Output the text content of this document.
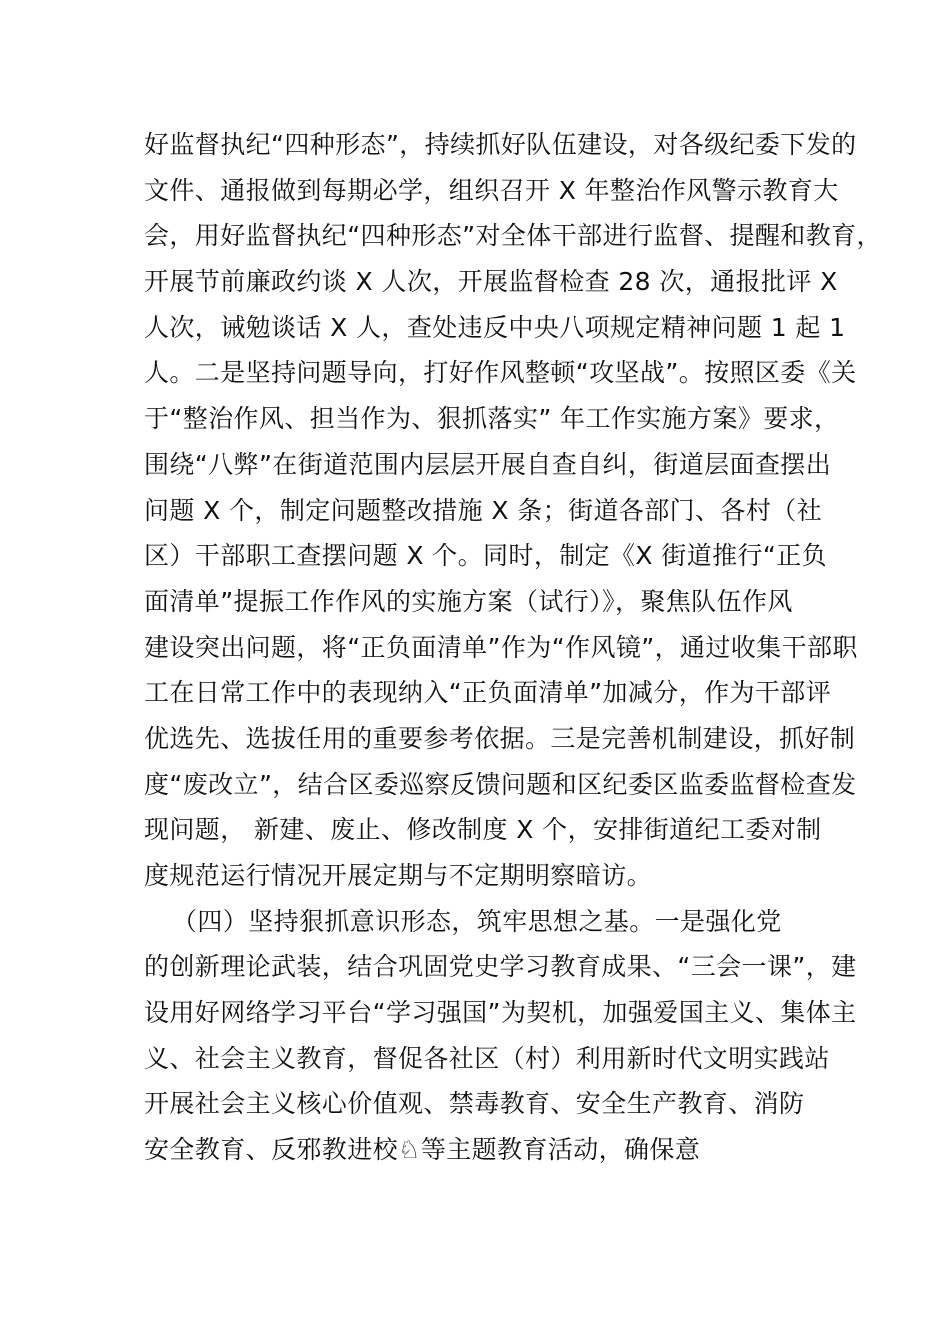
好监督执纪“四种形态”，持续抓好队伍建设，对各级纪委下发的
文件、通报做到每期必学，组织召开 X 年整治作风警示教育大
会，用好监督执纪“四种形态”对全体干部进行监督、提醒和教育，
开展节前廉政约谈 X 人次，开展监督检查 28 次，通报批评 X
人次，诫勉谈话 X 人，查处违反中央八项规定精神问题 1 起 1
人。二是坚持问题导向，打好作风整顿“攻坚战”。按照区委《关
于“整治作风、担当作为、狠抓落实” 年工作实施方案》要求，
围绕“八弊”在街道范围内层层开展自查自纠，街道层面查摆出
问题 X 个，制定问题整改措施 X 条；街道各部门、各村（社
区）干部职工查摆问题 X 个。同时，制定《X 街道推行“正负
面清单”提振工作作风的实施方案（试行）》，聚焦队伍作风
建设突出问题，将“正负面清单”作为“作风镜”，通过收集干部职
工在日常工作中的表现纳入“正负面清单”加减分，作为干部评
优选先、选拔任用的重要参考依据。三是完善机制建设，抓好制
度“废改立”，结合区委巡察反馈问题和区纪委区监委监督检查发
现问题， 新建、废止、修改制度 X 个，安排街道纪工委对制
度规范运行情况开展定期与不定期明察暗访。
（四）坚持狠抓意识形态，筑牢思想之基。一是强化党
的创新理论武装，结合巩固党史学习教育成果、“三会一课”，建
设用好网络学习平台“学习强国”为契机，加强爱国主义、集体主
义、社会主义教育，督促各社区（村）利用新时代文明实践站
开展社会主义核心价值观、禁毒教育、安全生产教育、消防
安全教育、反邪教进校♘等主题教育活动，确保意
